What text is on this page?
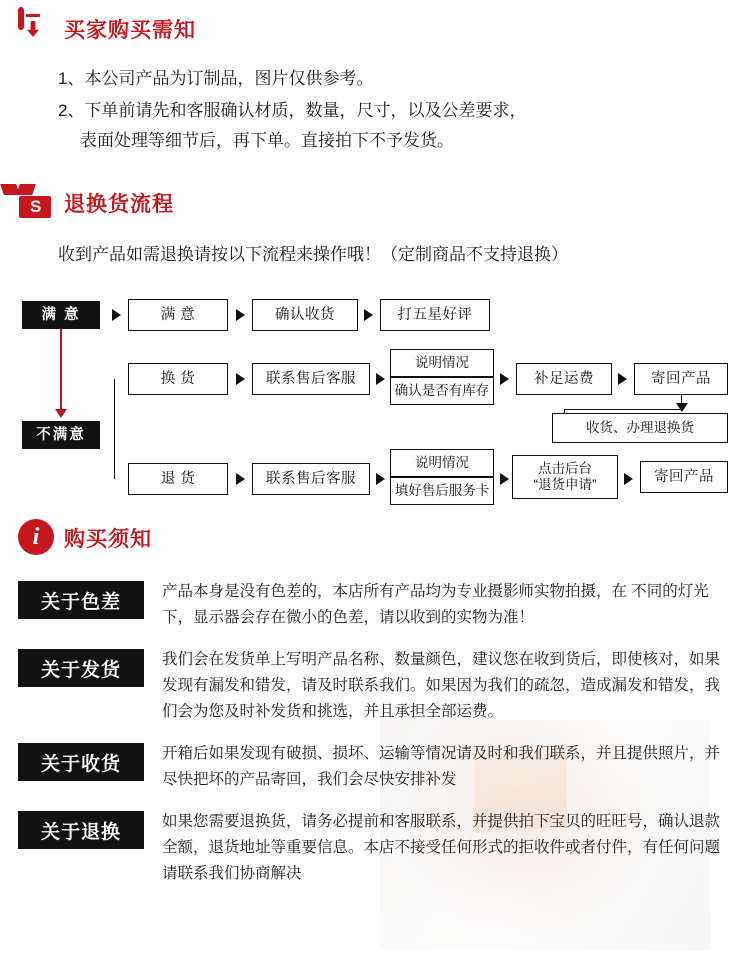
买家购买需知
1、本公司产品为订制品，图片仅供参考。
2、下单前请先和客服确认材质，数量，尺寸，以及公差要求，
表面处理等细节后，再下单。直接拍下不予发货。
S 退换货流程
收到产品如需退换请按以下流程来操作哦！（定制商品不支持退换）
满 意
不满意
满 意	确认收货	打五星好评
换 货	联系售后客服
说明情况
确认是否有库存
补足运费	寄回产品
收货、办理退换货
退 货	联系售后客服
说明情况
填好售后服务卡
点击后台
“退货申请”	寄回产品
i	购买须知
关于色差	产品本身是没有色差的，本店所有产品均为专业摄影师实物拍摄，在 不同的灯光下，显示器会存在微小的色差，请以收到的实物为准！
关于发货	我们会在发货单上写明产品名称、数量颜色，建议您在收到货后，即使核对，如果发现有漏发和错发，请及时联系我们。如果因为我们的疏忽，造成漏发和错发，我们会为您及时补发货和挑选，并且承担全部运费。
关于收货	开箱后如果发现有破损、损坏、运输等情况请及时和我们联系，并且提供照片，并尽快把坏的产品寄回，我们会尽快安排补发
关于退换	如果您需要退换货，请务必提前和客服联系，并提供拍下宝贝的旺旺号，确认退款全额，退货地址等重要信息。本店不接受任何形式的拒收件或者付件，有任何问题请联系我们协商解决
